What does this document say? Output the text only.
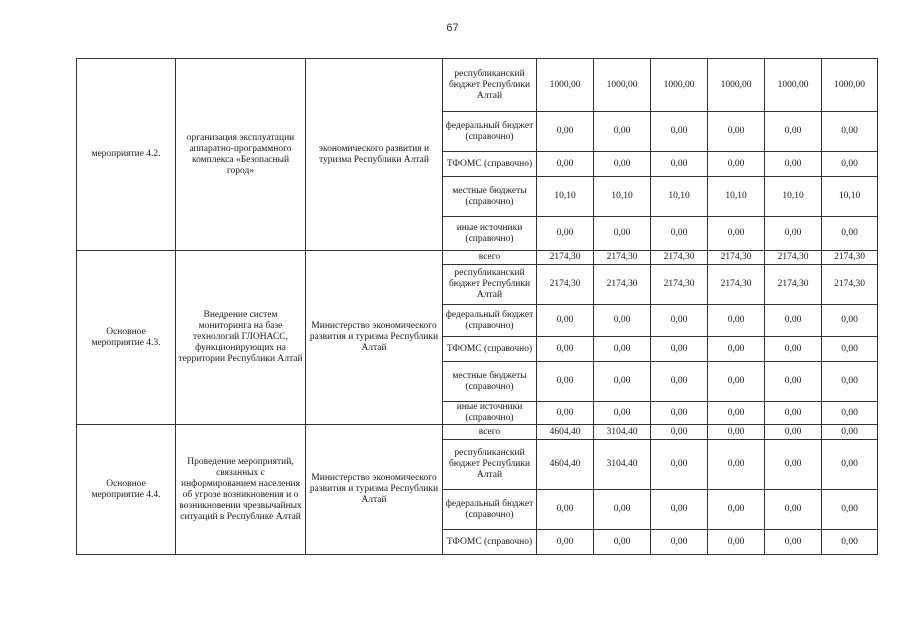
67
мероприятие 4.2.	организация эксплуатации аппаратно-программного комплекса «Безопасный город»	экономического развития и туризма Республики Алтай	республиканский бюджет Республики Алтай	1000,00	1000,00	1000,00	1000,00	1000,00	1000,00
			федеральный бюджет (справочно)	0,00	0,00	0,00	0,00	0,00	0,00
			ТФОМС (справочно)	0,00	0,00	0,00	0,00	0,00	0,00
			местные бюджеты (справочно)	10,10	10,10	10,10	10,10	10,10	10,10
			иные источники (справочно)	0,00	0,00	0,00	0,00	0,00	0,00
Основное мероприятие 4.3.	Внедрение систем мониторинга на базе технологий ГЛОНАСС, функционирующих на территории Республики Алтай	Министерство экономического развития и туризма Республики Алтай	всего	2174,30	2174,30	2174,30	2174,30	2174,30	2174,30
			республиканский бюджет Республики Алтай	2174,30	2174,30	2174,30	2174,30	2174,30	2174,30
			федеральный бюджет (справочно)	0,00	0,00	0,00	0,00	0,00	0,00
			ТФОМС (справочно)	0,00	0,00	0,00	0,00	0,00	0,00
			местные бюджеты (справочно)	0,00	0,00	0,00	0,00	0,00	0,00
			иные источники (справочно)	0,00	0,00	0,00	0,00	0,00	0,00
Основное мероприятие 4.4.	Проведение мероприятий, связанных с информированием населения об угрозе возникновения и о возникновении чрезвычайных ситуаций в Республике Алтай	Министерство экономического развития и туризма Республики Алтай	всего	4604,40	3104,40	0,00	0,00	0,00	0,00
			республиканский бюджет Республики Алтай	4604,40	3104,40	0,00	0,00	0,00	0,00
			федеральный бюджет (справочно)	0,00	0,00	0,00	0,00	0,00	0,00
			ТФОМС (справочно)	0,00	0,00	0,00	0,00	0,00	0,00
